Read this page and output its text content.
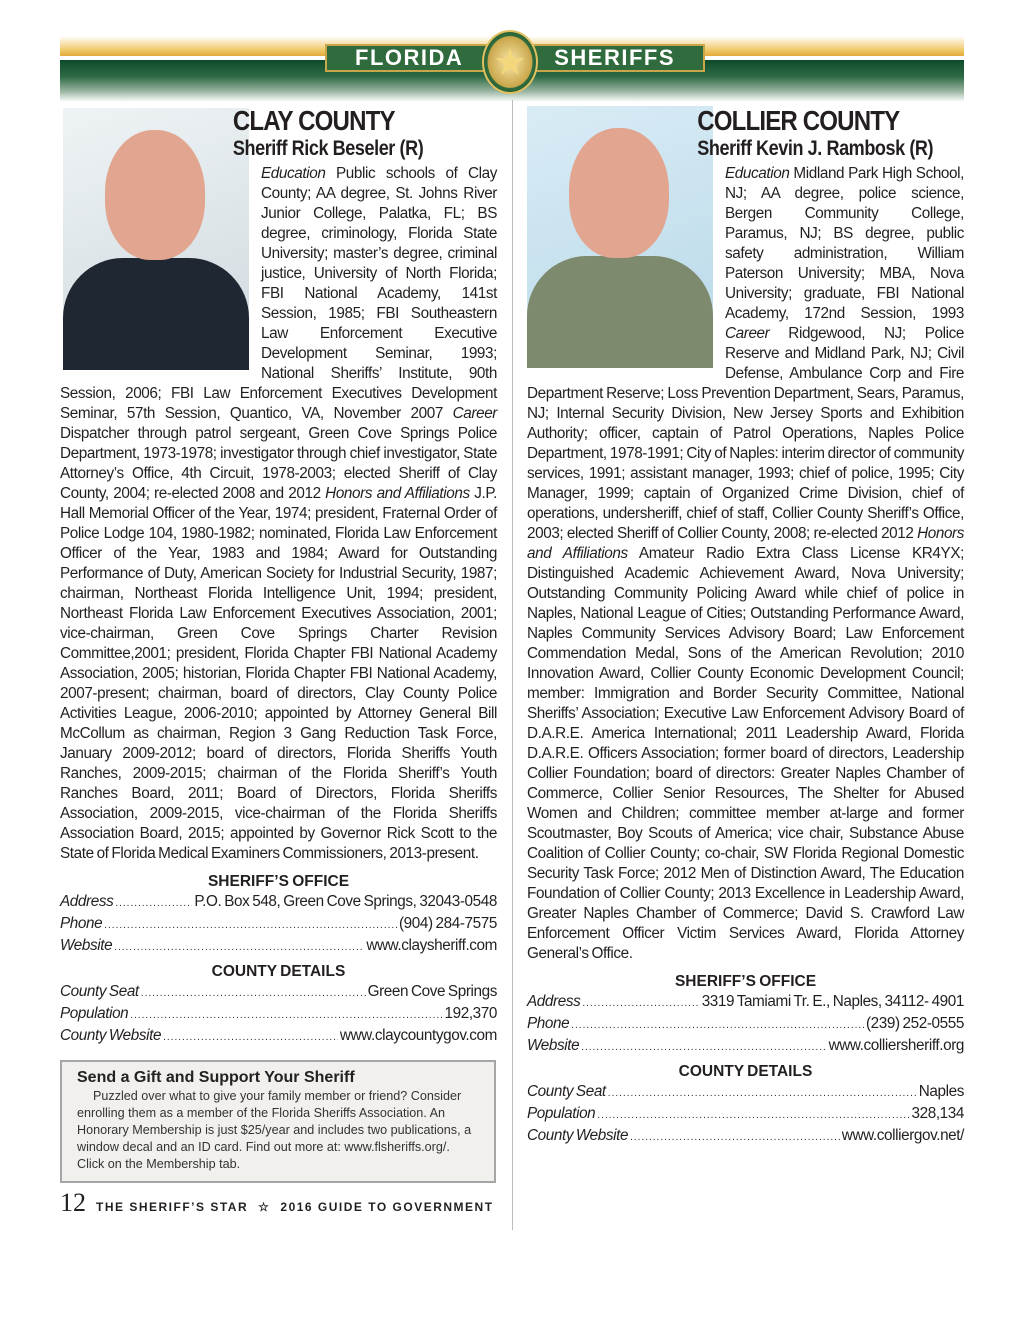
FLORIDA	SHERIFFS
★
CLAY COUNTY
Sheriff Rick Beseler (R)

Education Public schools of Clay County; AA degree, St. Johns River Junior College, Palatka, FL; BS degree, criminology, Florida State University; master’s degree, criminal justice, University of North Florida; FBI National Academy, 141st Session, 1985; FBI Southeastern Law Enforcement Executive Development Seminar, 1993; National Sheriffs’ Institute, 90th Session, 2006; FBI Law Enforcement Executives Development Seminar, 57th Session, Quantico, VA, November 2007 Career Dispatcher through patrol sergeant, Green Cove Springs Police Department, 1973-1978; investigator through chief investigator, State Attorney’s Office, 4th Circuit, 1978-2003; elected Sheriff of Clay County, 2004; re-elected 2008 and 2012 Honors and Affiliations J.P. Hall Memorial Officer of the Year, 1974; president, Fraternal Order of Police Lodge 104, 1980-1982; nominated, Florida Law Enforcement Officer of the Year, 1983 and 1984; Award for Outstanding Performance of Duty, American Society for Industrial Security, 1987; chairman, Northeast Florida Intelligence Unit, 1994; president, Northeast Florida Law Enforcement Executives Association, 2001; vice-chairman, Green Cove Springs Charter Revision Committee,2001; president, Florida Chapter FBI National Academy Association, 2005; historian, Florida Chapter FBI National Academy, 2007-present; chairman, board of directors, Clay County Police Activities League, 2006-2010; appointed by Attorney General Bill McCollum as chairman, Region 3 Gang Reduction Task Force, January 2009-2012; board of directors, Florida Sheriffs Youth Ranches, 2009-2015; chairman of the Florida Sheriff’s Youth Ranches Board, 2011; Board of Directors, Florida Sheriffs Association, 2009-2015, vice-chairman of the Florida Sheriffs Association Board, 2015; appointed by Governor Rick Scott to the State of Florida Medical Examiners Commissioners, 2013-present.

SHERIFF’S OFFICE
Address .....	P.O. Box 548, Green Cove Springs, 32043-0548
Phone .....	(904) 284-7575
Website .....	www.claysheriff.com
COUNTY DETAILS
County Seat .....	Green Cove Springs
Population .....	192,370
County Website .....	www.claycountygov.com
Send a Gift and Support Your Sheriff

Puzzled over what to give your family member or friend? Consider enrolling them as a member of the Florida Sheriffs Association. An Honorary Membership is just $25/year and includes two publications, a window decal and an ID card. Find out more at: www.flsheriffs.org/. Click on the Membership tab.

12 THE SHERIFF’S STAR ☆ 2016 GUIDE TO GOVERNMENT
COLLIER COUNTY
Sheriff Kevin J. Rambosk (R)

Education Midland Park High School, NJ; AA degree, police science, Bergen Community College, Paramus, NJ; BS degree, public safety administration, William Paterson University; MBA, Nova University; graduate, FBI National Academy, 172nd Session, 1993 Career Ridgewood, NJ; Police Reserve and Midland Park, NJ; Civil Defense, Ambulance Corp and Fire Department Reserve; Loss Prevention Department, Sears, Paramus, NJ; Internal Security Division, New Jersey Sports and Exhibition Authority; officer, captain of Patrol Operations, Naples Police Department, 1978-1991; City of Naples: interim director of community services, 1991; assistant manager, 1993; chief of police, 1995; City Manager, 1999; captain of Organized Crime Division, chief of operations, undersheriff, chief of staff, Collier County Sheriff’s Office, 2003; elected Sheriff of Collier County, 2008; re-elected 2012 Honors and Affiliations Amateur Radio Extra Class License KR4YX; Distinguished Academic Achievement Award, Nova University; Outstanding Community Policing Award while chief of police in Naples, National League of Cities; Outstanding Performance Award, Naples Community Services Advisory Board; Law Enforcement Commendation Medal, Sons of the American Revolution; 2010 Innovation Award, Collier County Economic Development Council; member: Immigration and Border Security Committee, National Sheriffs’ Association; Executive Law Enforcement Advisory Board of D.A.R.E. America International; 2011 Leadership Award, Florida D.A.R.E. Officers Association; former board of directors, Leadership Collier Foundation; board of directors: Greater Naples Chamber of Commerce, Collier Senior Resources, The Shelter for Abused Women and Children; committee member at-large and former Scoutmaster, Boy Scouts of America; vice chair, Substance Abuse Coalition of Collier County; co-chair, SW Florida Regional Domestic Security Task Force; 2012 Men of Distinction Award, The Education Foundation of Collier County; 2013 Excellence in Leadership Award, Greater Naples Chamber of Commerce; David S. Crawford Law Enforcement Officer Victim Services Award, Florida Attorney General’s Office.

SHERIFF’S OFFICE
Address .....	3319 Tamiami Tr. E., Naples, 34112- 4901
Phone .....	(239) 252-0555
Website .....	www.colliersheriff.org
COUNTY DETAILS
County Seat .....	Naples
Population .....	328,134
County Website .....	www.colliergov.net/
